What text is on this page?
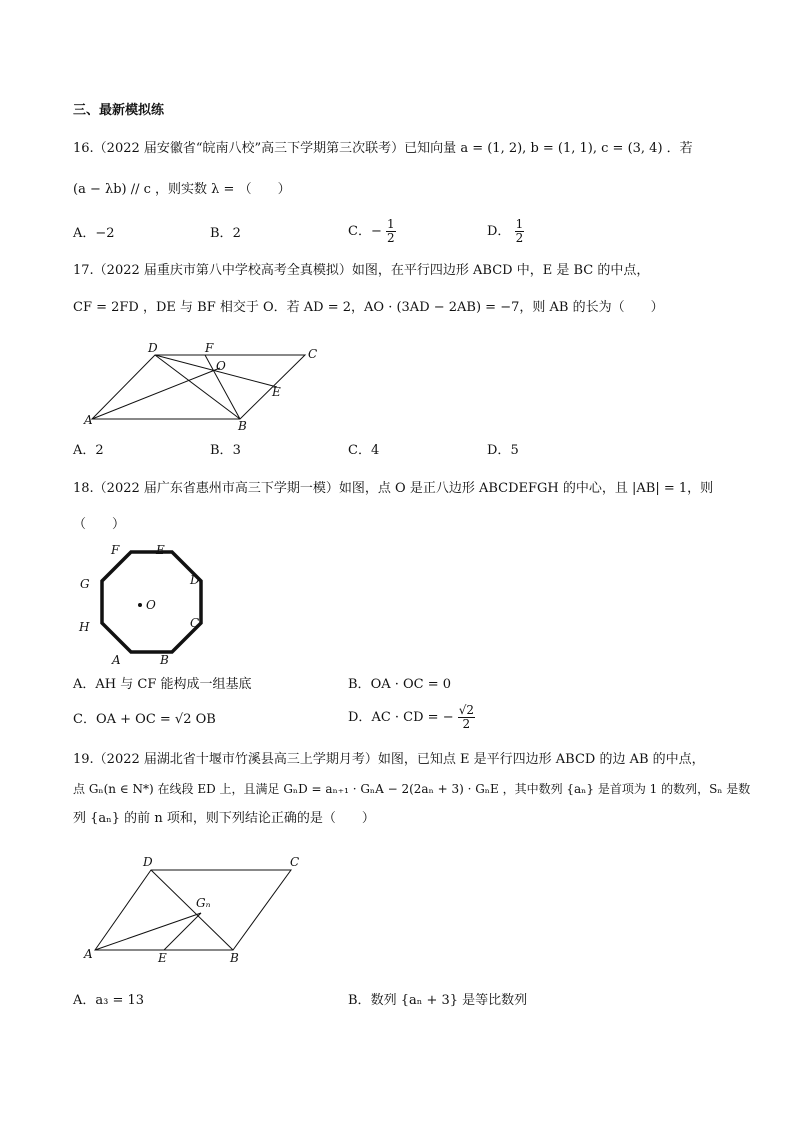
三、最新模拟练
16.（2022 届安徽省“皖南八校”高三下学期第三次联考）已知向量 a = (1, 2), b = (1, 1), c = (3, 4) ．若
(a − λb) // c ，则实数 λ = （　　）
A．−2	B．2	C．− $\frac{1}{2}$	D． $\frac{1}{2}$
17.（2022 届重庆市第八中学校高考全真模拟）如图，在平行四边形 ABCD 中，E 是 BC 的中点，
CF = 2FD ，DE 与 BF 相交于 O．若 AD = 2，AO · (3AD − 2AB) = −7，则 AB 的长为（　　）
D	F	C
O
E
A	B
A．2	B．3	C．4	D．5
18.（2022 届广东省惠州市高三下学期一模）如图，点 O 是正八边形 ABCDEFGH 的中心，且 |AB| = 1，则
（　　）
F	E
G	D
O
H	C
A	B
A．AH 与 CF 能构成一组基底	B．OA · OC = 0
C．OA + OC = √2 OB	D．AC · CD = − $\frac{√2}{2}$
19.（2022 届湖北省十堰市竹溪县高三上学期月考）如图，已知点 E 是平行四边形 ABCD 的边 AB 的中点，
点 Gₙ(n ∈ N*) 在线段 ED 上，且满足 GₙD = aₙ₊₁ · GₙA − 2(2aₙ + 3) · GₙE ，其中数列 {aₙ} 是首项为 1 的数列，Sₙ 是数
列 {aₙ} 的前 n 项和，则下列结论正确的是（　　）
D	C
Gₙ
A	E	B
A．a₃ = 13	B．数列 {aₙ + 3} 是等比数列
